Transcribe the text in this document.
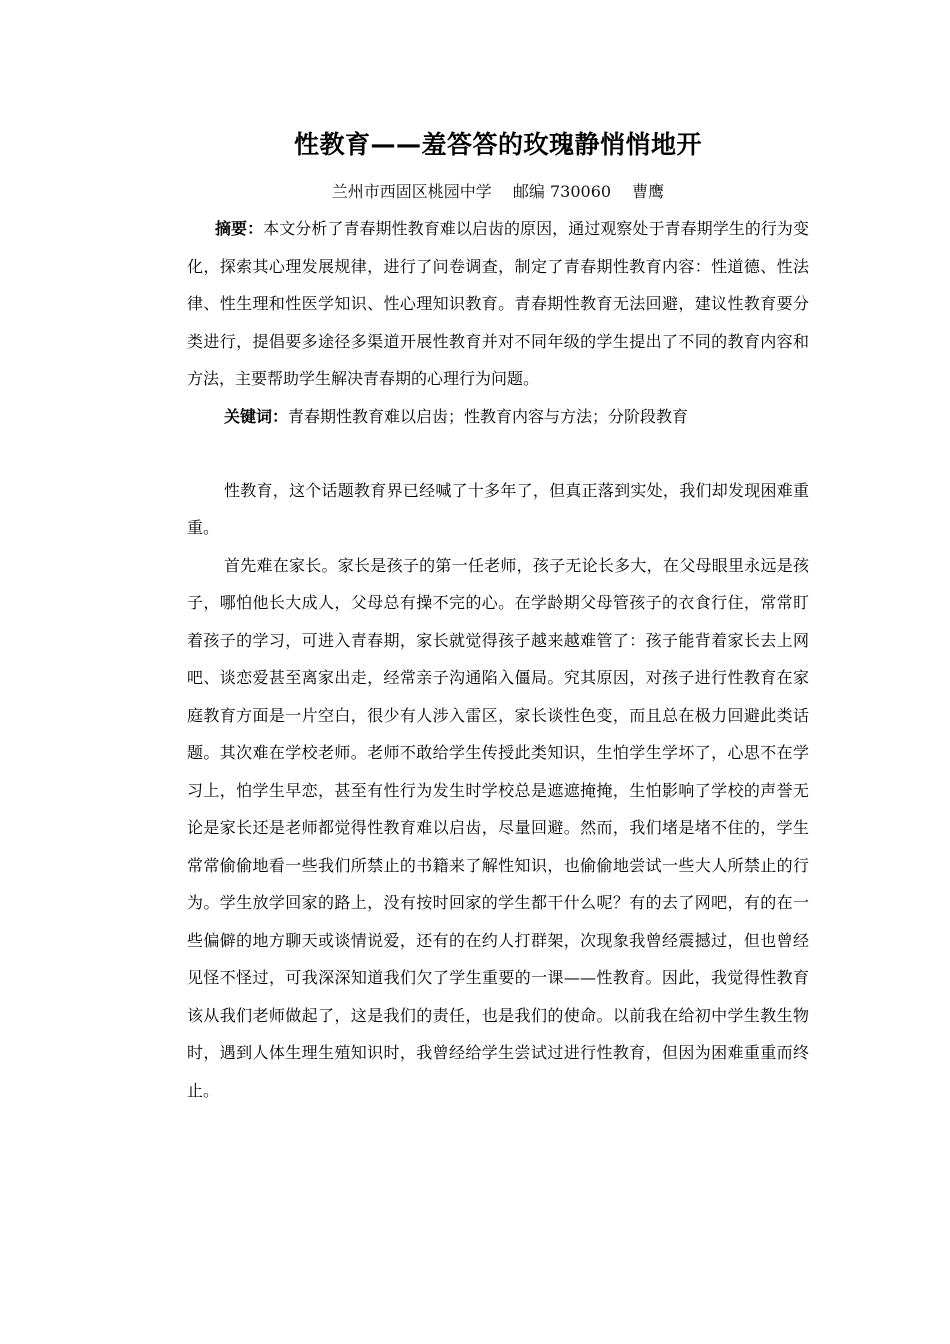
性教育——羞答答的玫瑰静悄悄地开
兰州市西固区桃园中学 邮编 730060 曹鹰

摘要：本文分析了青春期性教育难以启齿的原因，通过观察处于青春期学生的行为变化，探索其心理发展规律，进行了问卷调查，制定了青春期性教育内容：性道德、性法律、性生理和性医学知识、性心理知识教育。青春期性教育无法回避，建议性教育要分类进行，提倡要多途径多渠道开展性教育并对不同年级的学生提出了不同的教育内容和方法，主要帮助学生解决青春期的心理行为问题。

关键词：青春期性教育难以启齿；性教育内容与方法；分阶段教育

性教育，这个话题教育界已经喊了十多年了，但真正落到实处，我们却发现困难重重。

首先难在家长。家长是孩子的第一任老师，孩子无论长多大，在父母眼里永远是孩子，哪怕他长大成人，父母总有操不完的心。在学龄期父母管孩子的衣食行住，常常盯着孩子的学习，可进入青春期，家长就觉得孩子越来越难管了：孩子能背着家长去上网吧、谈恋爱甚至离家出走，经常亲子沟通陷入僵局。究其原因，对孩子进行性教育在家庭教育方面是一片空白，很少有人涉入雷区，家长谈性色变，而且总在极力回避此类话题。其次难在学校老师。老师不敢给学生传授此类知识，生怕学生学坏了，心思不在学习上，怕学生早恋，甚至有性行为发生时学校总是遮遮掩掩，生怕影响了学校的声誉无论是家长还是老师都觉得性教育难以启齿，尽量回避。然而，我们堵是堵不住的，学生常常偷偷地看一些我们所禁止的书籍来了解性知识，也偷偷地尝试一些大人所禁止的行为。学生放学回家的路上，没有按时回家的学生都干什么呢？有的去了网吧，有的在一些偏僻的地方聊天或谈情说爱，还有的在约人打群架，次现象我曾经震撼过，但也曾经见怪不怪过，可我深深知道我们欠了学生重要的一课——性教育。因此，我觉得性教育该从我们老师做起了，这是我们的责任，也是我们的使命。以前我在给初中学生教生物时，遇到人体生理生殖知识时，我曾经给学生尝试过进行性教育，但因为困难重重而终止。
